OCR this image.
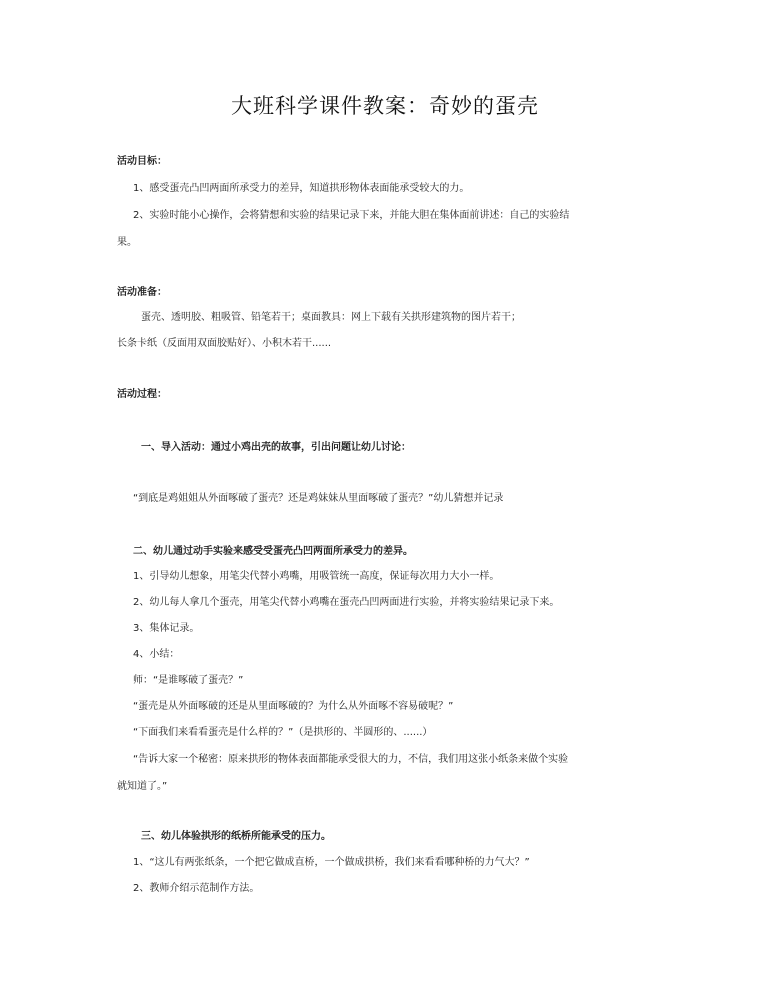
大班科学课件教案：奇妙的蛋壳
活动目标：
1、感受蛋壳凸凹两面所承受力的差异，知道拱形物体表面能承受较大的力。
2、实验时能小心操作，会将猜想和实验的结果记录下来，并能大胆在集体面前讲述：自己的实验结
果。
活动准备：
蛋壳、透明胶、粗吸管、铅笔若干；桌面教具：网上下载有关拱形建筑物的图片若干；
长条卡纸（反面用双面胶贴好）、小积木若干......
活动过程：
一、导入活动：通过小鸡出壳的故事，引出问题让幼儿讨论：
“到底是鸡姐姐从外面啄破了蛋壳？还是鸡妹妹从里面啄破了蛋壳？”幼儿猜想并记录
二、幼儿通过动手实验来感受受蛋壳凸凹两面所承受力的差异。
1、引导幼儿想象，用笔尖代替小鸡嘴，用吸管统一高度，保证每次用力大小一样。
2、幼儿每人拿几个蛋壳，用笔尖代替小鸡嘴在蛋壳凸凹两面进行实验，并将实验结果记录下来。
3、集体记录。
4、小结：
师：“是谁啄破了蛋壳？”
“蛋壳是从外面啄破的还是从里面啄破的？为什么从外面啄不容易破呢？”
“下面我们来看看蛋壳是什么样的？”（是拱形的、半圆形的、......）
“告诉大家一个秘密：原来拱形的物体表面都能承受很大的力，不信，我们用这张小纸条来做个实验
就知道了。”
三、幼儿体验拱形的纸桥所能承受的压力。
1、“这儿有两张纸条，一个把它做成直桥，一个做成拱桥，我们来看看哪种桥的力气大？”
2、教师介绍示范制作方法。
